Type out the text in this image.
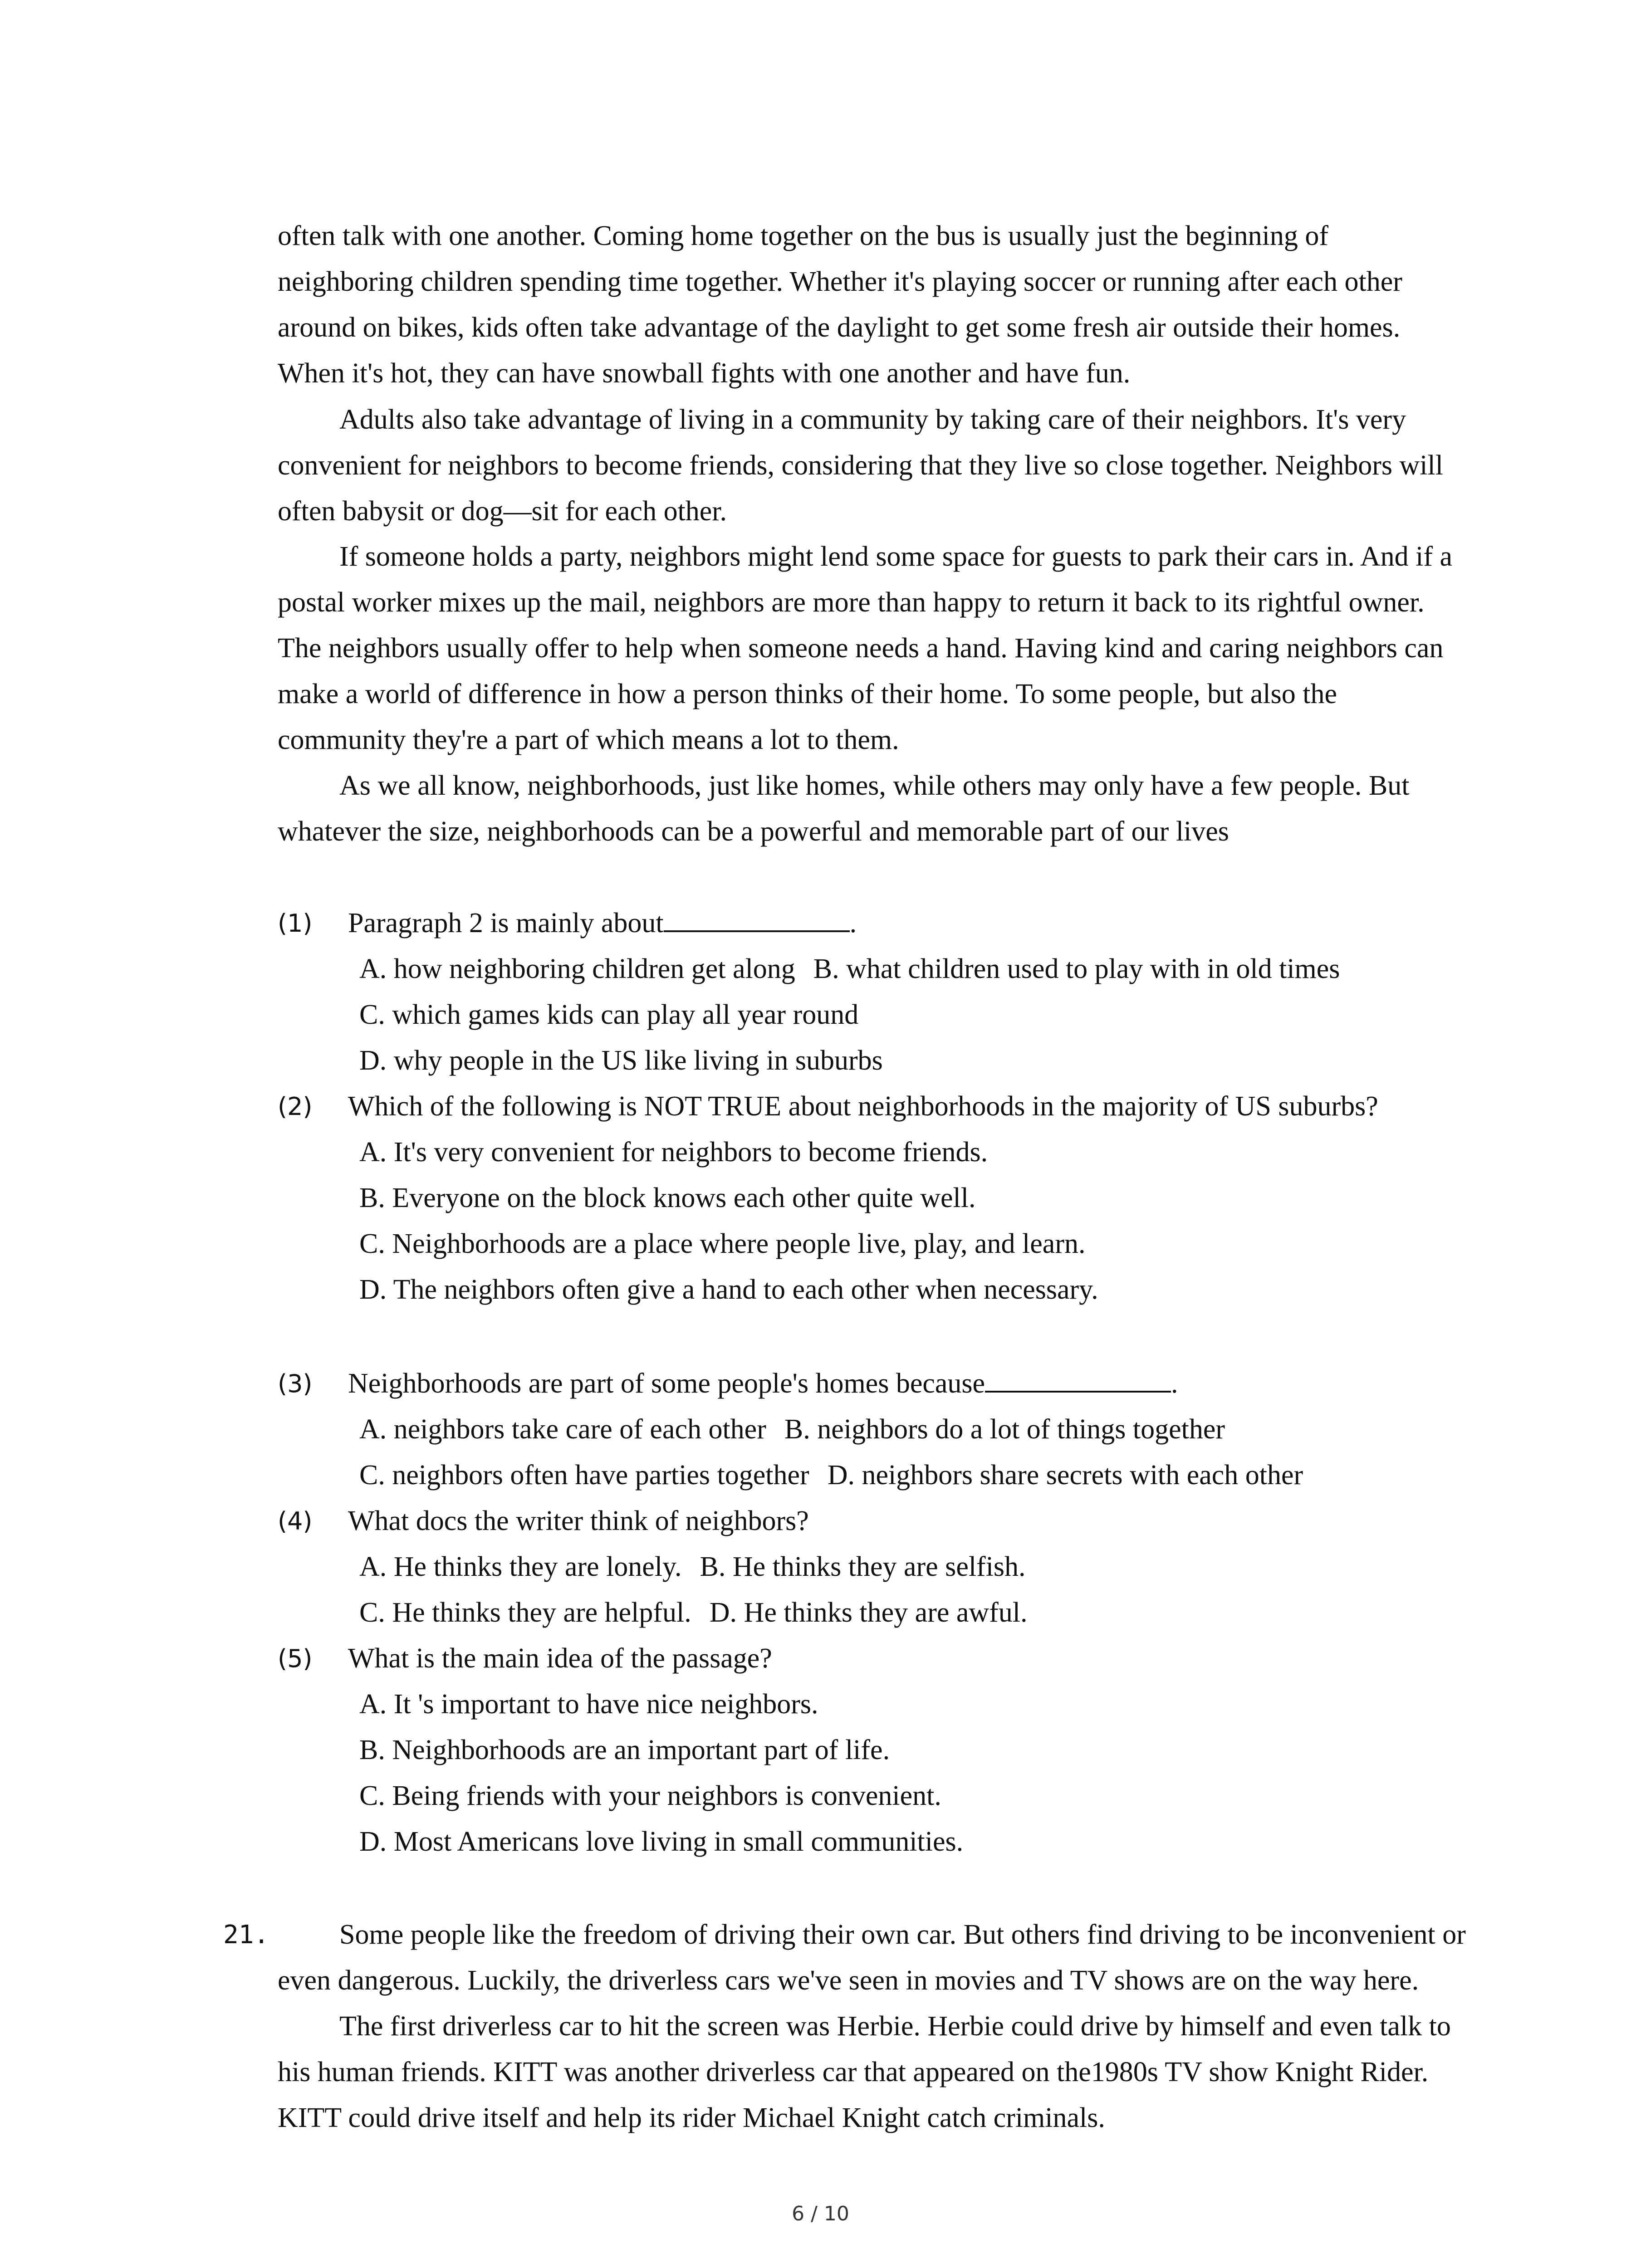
often talk with one another. Coming home together on the bus is usually just the beginning of neighboring children spending time together. Whether it's playing soccer or running after each other around on bikes, kids often take advantage of the daylight to get some fresh air outside their homes. When it's hot, they can have snowball fights with one another and have fun.

Adults also take advantage of living in a community by taking care of their neighbors. It's very convenient for neighbors to become friends, considering that they live so close together. Neighbors will often babysit or dog—sit for each other.

If someone holds a party, neighbors might lend some space for guests to park their cars in. And if a postal worker mixes up the mail, neighbors are more than happy to return it back to its rightful owner. The neighbors usually offer to help when someone needs a hand. Having kind and caring neighbors can make a world of difference in how a person thinks of their home. To some people, but also the community they're a part of which means a lot to them.

As we all know, neighborhoods, just like homes, while others may only have a few people. But whatever the size, neighborhoods can be a powerful and memorable part of our lives

(1) Paragraph 2 is mainly about	.
A. how neighboring children get along B. what children used to play with in old times
C. which games kids can play all year round
D. why people in the US like living in suburbs
(2) Which of the following is NOT TRUE about neighborhoods in the majority of US suburbs?
A. It's very convenient for neighbors to become friends.
B. Everyone on the block knows each other quite well.
C. Neighborhoods are a place where people live, play, and learn.
D. The neighbors often give a hand to each other when necessary.
(3) Neighborhoods are part of some people's homes because	.
A. neighbors take care of each other B. neighbors do a lot of things together
C. neighbors often have parties together D. neighbors share secrets with each other
(4) What docs the writer think of neighbors?
A. He thinks they are lonely. B. He thinks they are selfish.
C. He thinks they are helpful. D. He thinks they are awful.
(5) What is the main idea of the passage?
A. It 's important to have nice neighbors.
B. Neighborhoods are an important part of life.
C. Being friends with your neighbors is convenient.
D. Most Americans love living in small communities.
21.	Some people like the freedom of driving their own car. But others find driving to be inconvenient or even dangerous. Luckily, the driverless cars we've seen in movies and TV shows are on the way here.
The first driverless car to hit the screen was Herbie. Herbie could drive by himself and even talk to his human friends. KITT was another driverless car that appeared on the1980s TV show Knight Rider. KITT could drive itself and help its rider Michael Knight catch criminals.
6 / 10
